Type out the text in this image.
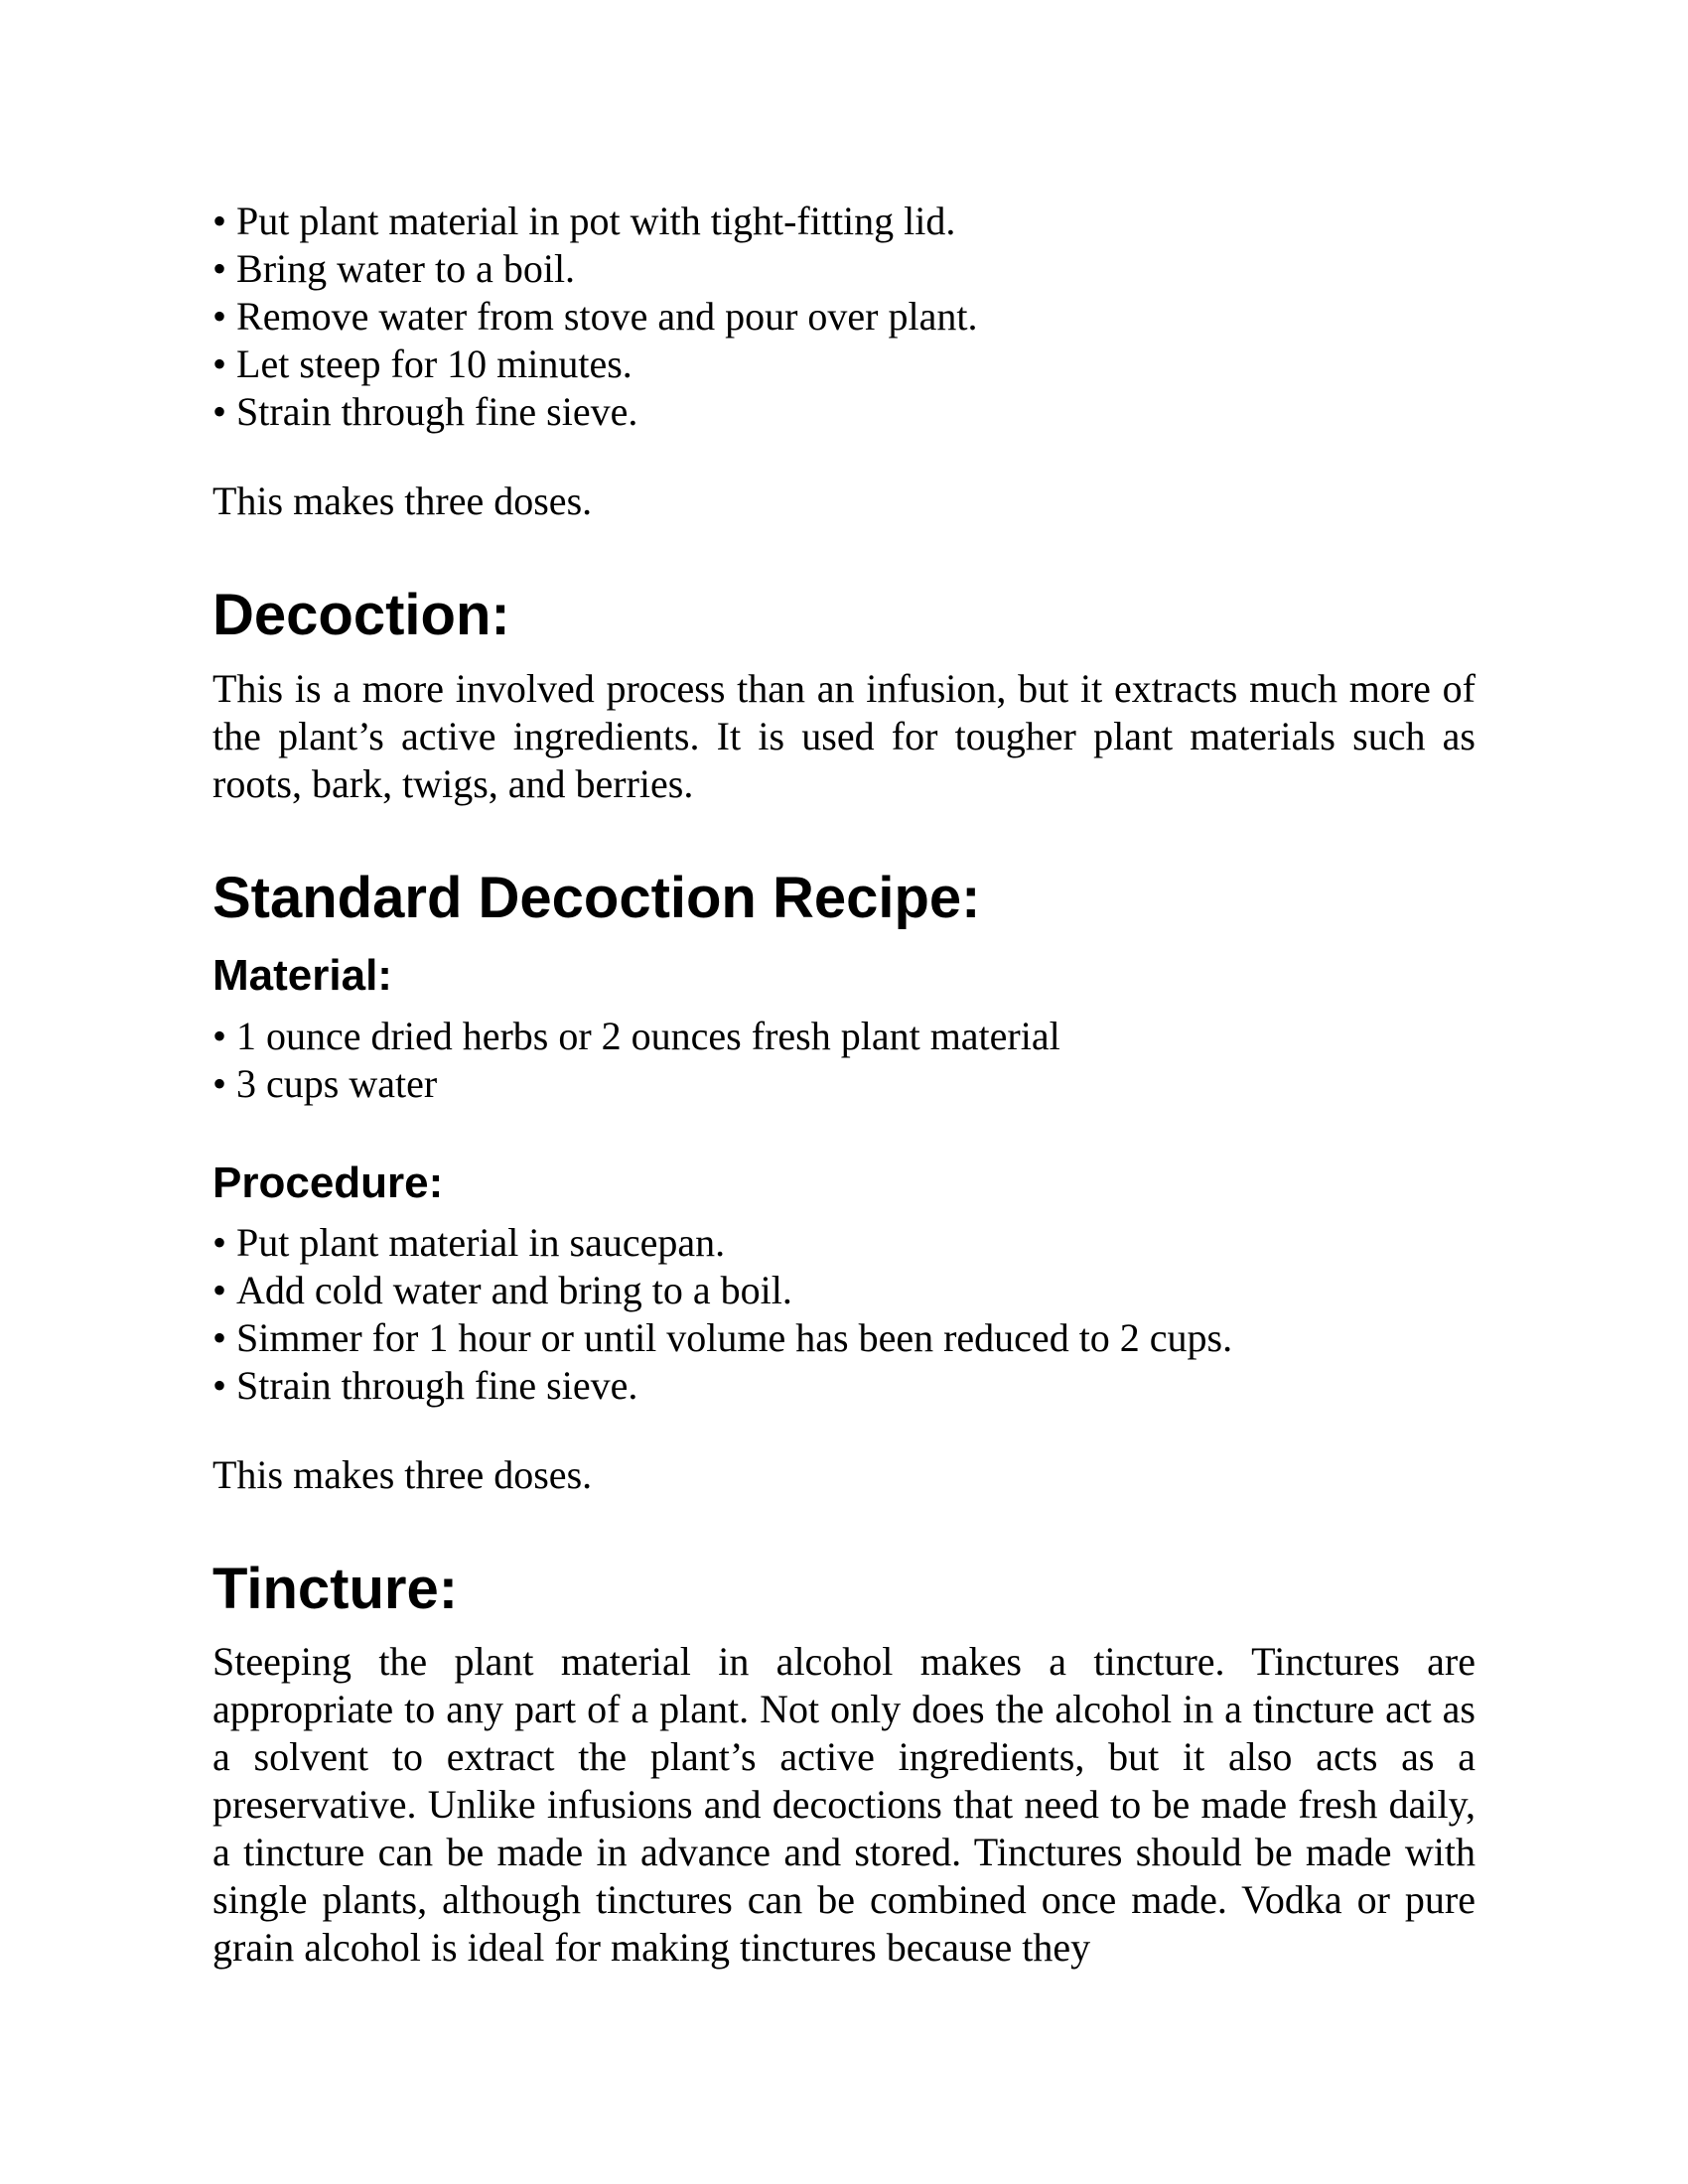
• Put plant material in pot with tight-fitting lid.
• Bring water to a boil.
• Remove water from stove and pour over plant.
• Let steep for 10 minutes.
• Strain through fine sieve.

This makes three doses.

Decoction:

This is a more involved process than an infusion, but it extracts much more of the plant’s active ingredients. It is used for tougher plant materials such as roots, bark, twigs, and berries.

Standard Decoction Recipe:
Material:
• 1 ounce dried herbs or 2 ounces fresh plant material
• 3 cups water
Procedure:
• Put plant material in saucepan.
• Add cold water and bring to a boil.
• Simmer for 1 hour or until volume has been reduced to 2 cups.
• Strain through fine sieve.

This makes three doses.

Tincture:

Steeping the plant material in alcohol makes a tincture. Tinctures are appropriate to any part of a plant. Not only does the alcohol in a tincture act as a solvent to extract the plant’s active ingredients, but it also acts as a preservative. Unlike infusions and decoctions that need to be made fresh daily, a tincture can be made in advance and stored. Tinctures should be made with single plants, although tinctures can be combined once made. Vodka or pure grain alcohol is ideal for making tinctures because they
